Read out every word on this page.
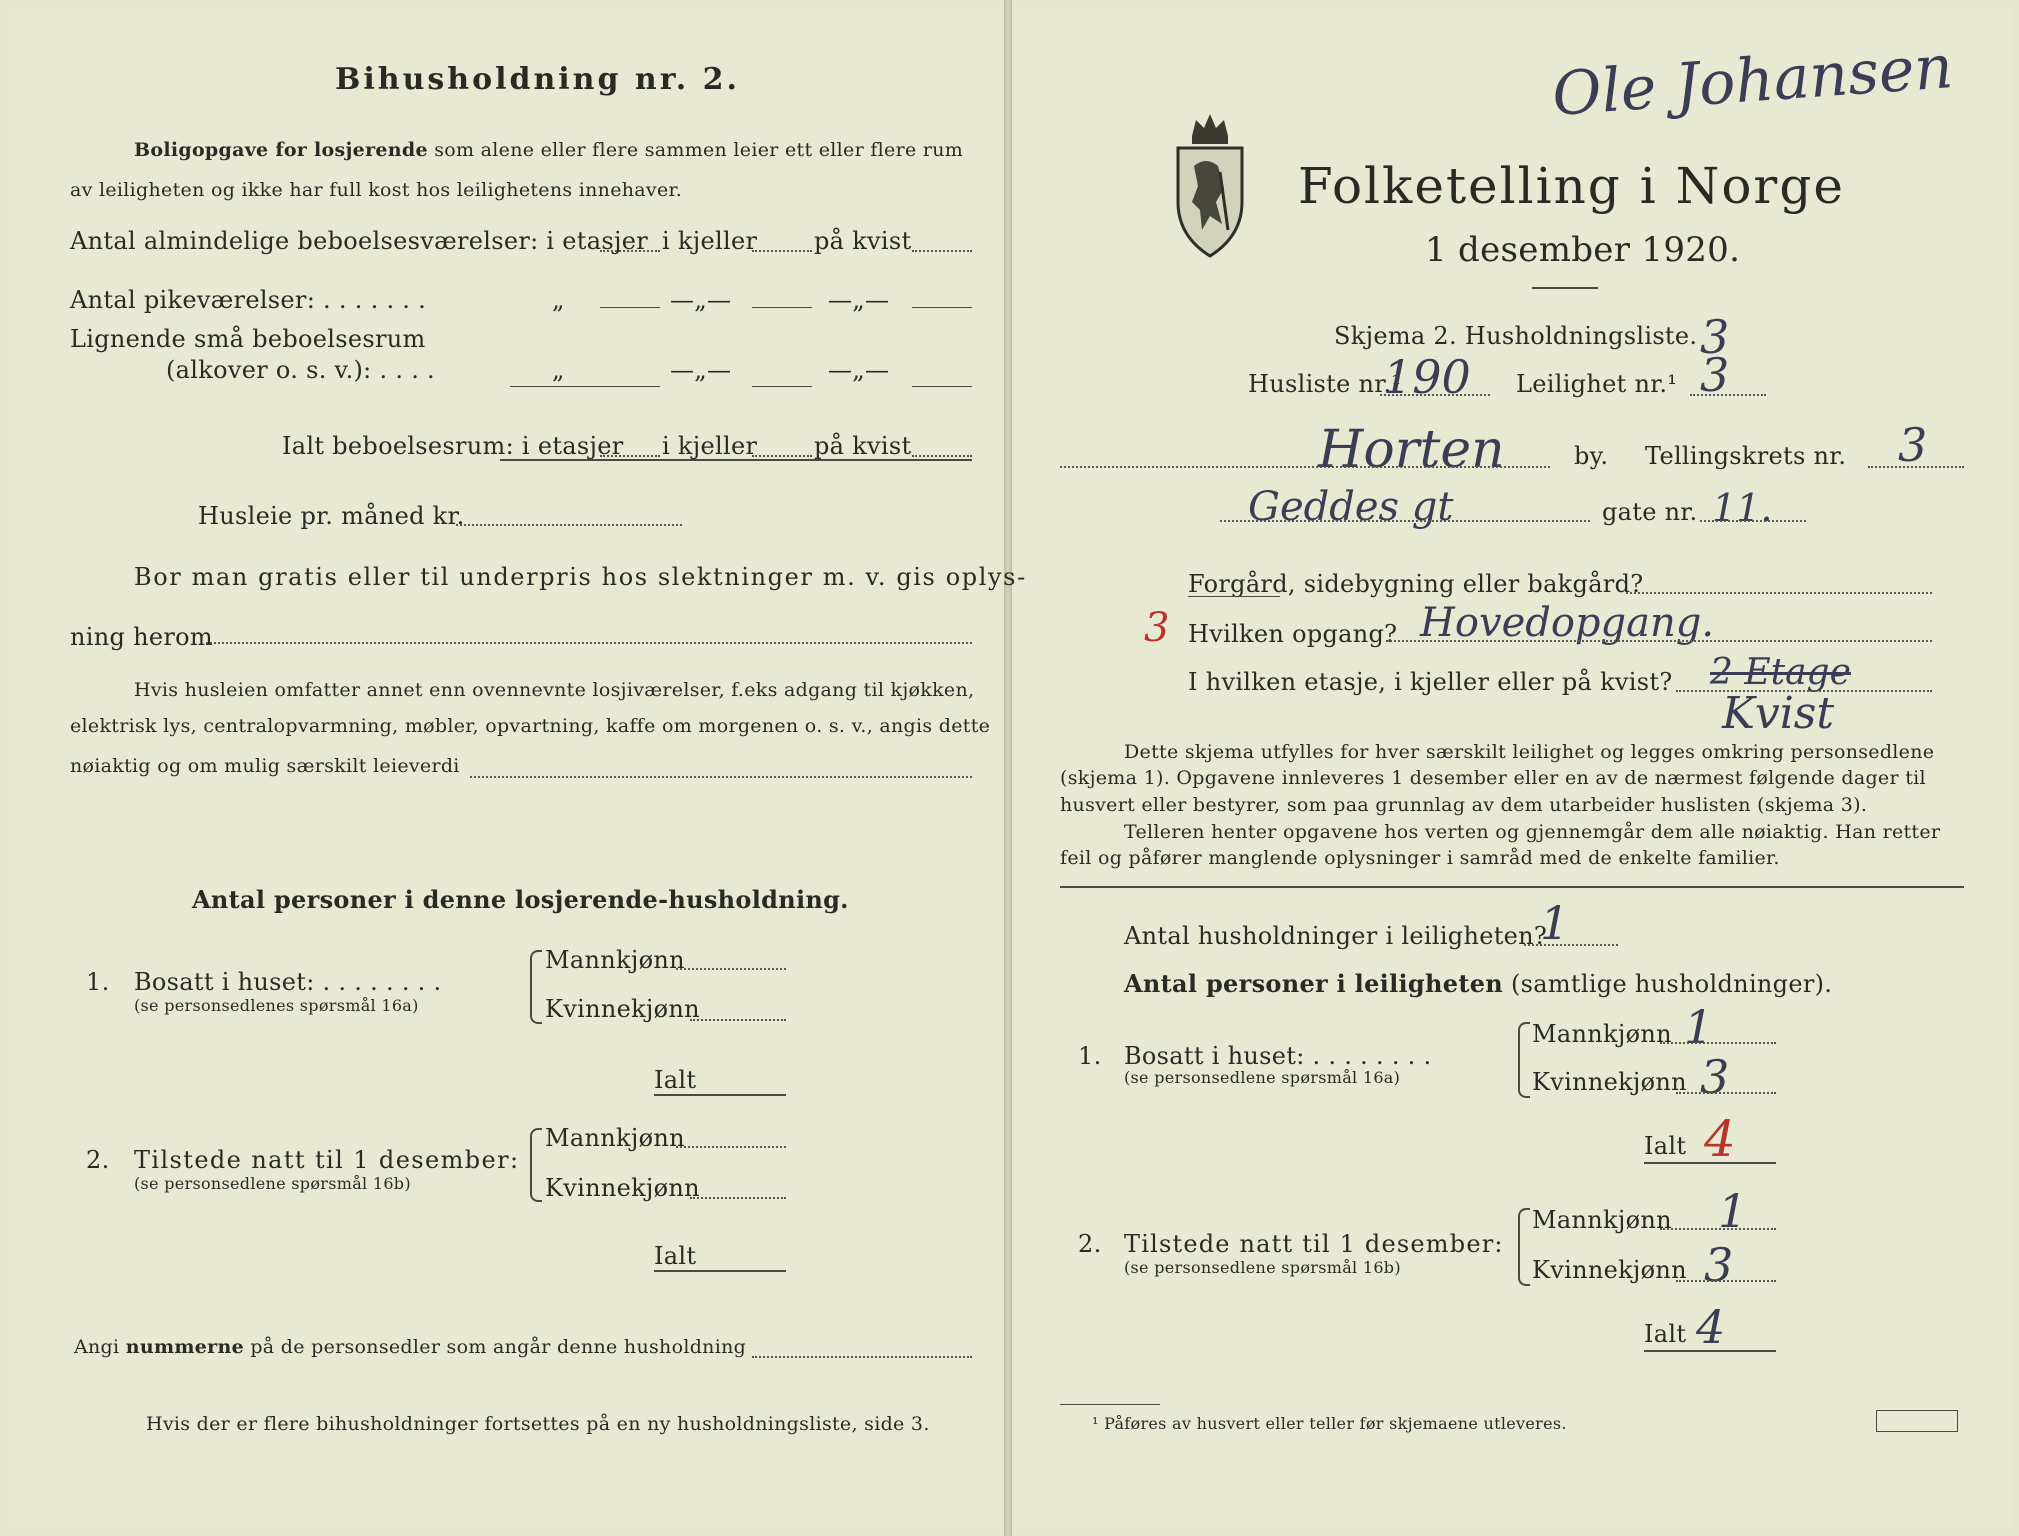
Bihusholdning nr. 2.
Boligopgave for losjerende som alene eller flere sammen leier ett eller flere rum
av leiligheten og ikke har full kost hos leilighetens innehaver.
Antal almindelige beboelsesværelser: i etasjer i kjeller på kvist
Antal pikeværelser: . . . . . . .	„	—„—	—„—
Lignende små beboelsesrum
(alkover o. s. v.): . . . .	„	—„—	—„—
Ialt beboelsesrum: i etasjer i kjeller på kvist
Husleie pr. måned kr.
Bor man gratis eller til underpris hos slektninger m. v. gis oplys-
ning herom
Hvis husleien omfatter annet enn ovennevnte losjiværelser, f.eks adgang til kjøkken,
elektrisk lys, centralopvarmning, møbler, opvartning, kaffe om morgenen o. s. v., angis dette
nøiaktig og om mulig særskilt leieverdi
Antal personer i denne losjerende-husholdning.
1. Bosatt i huset: . . . . . . . .
(se personsedlenes spørsmål 16a)
Mannkjønn
Kvinnekjønn
Ialt
2. Tilstede natt til 1 desember:
(se personsedlene spørsmål 16b)
Mannkjønn
Kvinnekjønn
Ialt
Angi nummerne på de personsedler som angår denne husholdning
Hvis der er flere bihusholdninger fortsettes på en ny husholdningsliste, side 3.
Ole Johansen
Folketelling i Norge
1 desember 1920.
Skjema 2. Husholdningsliste. 3
Husliste nr.¹
190 Leilighet nr.¹ 3
Horten	by. Tellingskrets nr. 3
Geddes gt	gate nr. 11.
Forgård, sidebygning eller bakgård?
3 Hvilken opgang? Hovedopgang.
I hvilken etasje, i kjeller eller på kvist? 2 Etage
Kvist
Dette skjema utfylles for hver særskilt leilighet og legges omkring personsedlene
(skjema 1). Opgavene innleveres 1 desember eller en av de nærmest følgende dager til
husvert eller bestyrer, som paa grunnlag av dem utarbeider huslisten (skjema 3).
Telleren henter opgavene hos verten og gjennemgår dem alle nøiaktig. Han retter
feil og påfører manglende oplysninger i samråd med de enkelte familier.
Antal husholdninger i leiligheten?
1
Antal personer i leiligheten (samtlige husholdninger).
1. Bosatt i huset: . . . . . . . .
(se personsedlene spørsmål 16a)
Mannkjønn 1
Kvinnekjønn 3
Ialt 4
2. Tilstede natt til 1 desember:
(se personsedlene spørsmål 16b)
Mannkjønn 1
Kvinnekjønn 3
Ialt 4
¹ Påføres av husvert eller teller før skjemaene utleveres.
